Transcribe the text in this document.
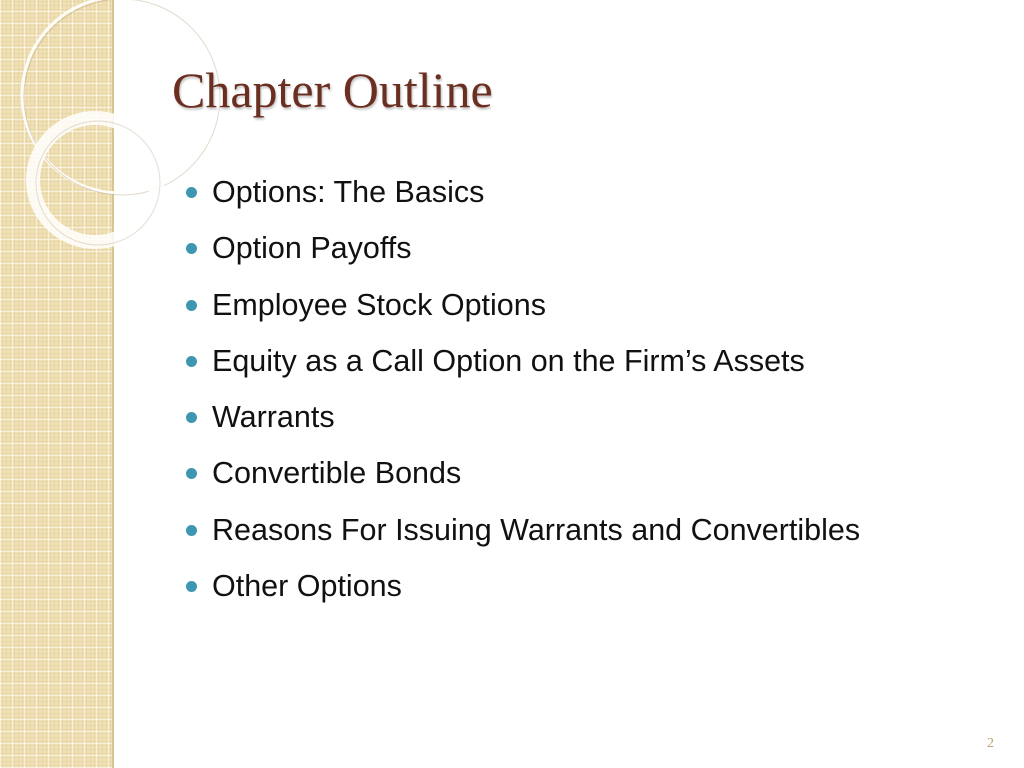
Chapter Outline
Options: The Basics
Option Payoffs
Employee Stock Options
Equity as a Call Option on the Firm’s Assets
Warrants
Convertible Bonds
Reasons For Issuing Warrants and Convertibles
Other Options
2
